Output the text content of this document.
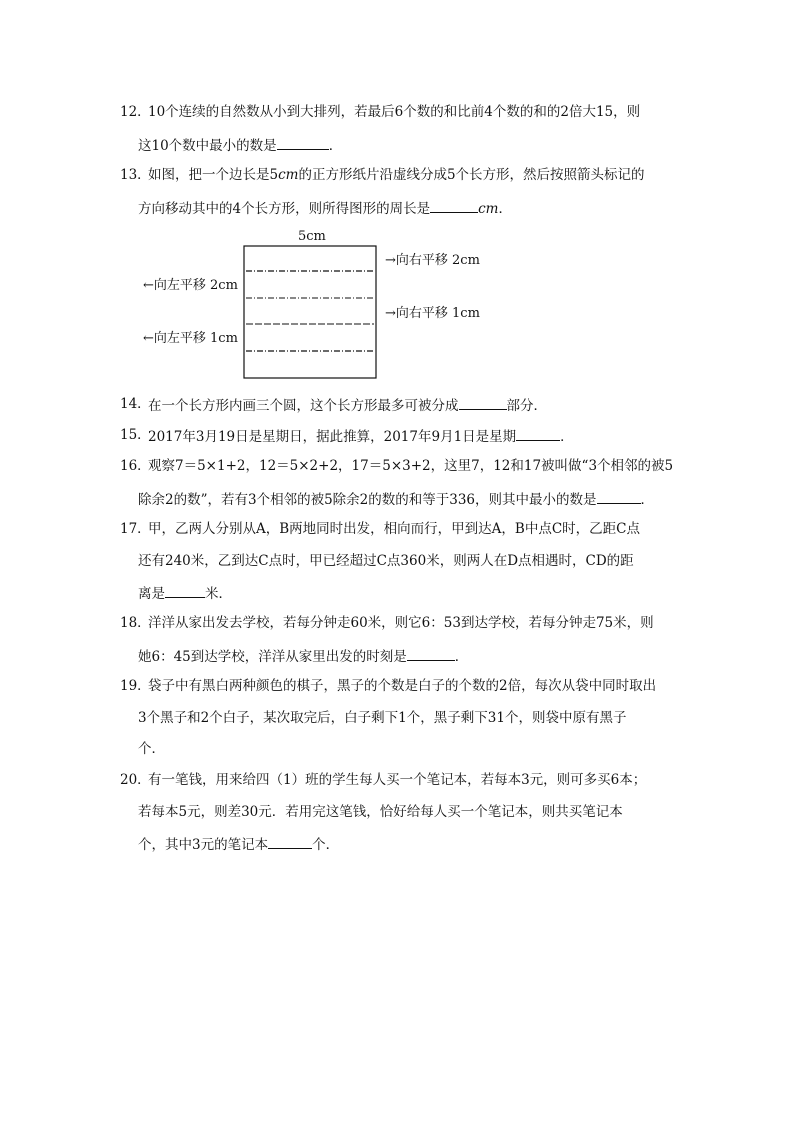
12．
10个连续的自然数从小到大排列，若最后6个数的和比前4个数的和的2倍大15，则
这10个数中最小的数是	．
13．
如图，把一个边长是5cm的正方形纸片沿虚线分成5个长方形，然后按照箭头标记的
方向移动其中的4个长方形，则所得图形的周长是	cm．
5cm
→向右平移 2cm
→向右平移 1cm
←向左平移 2cm
←向左平移 1cm
14．
在一个长方形内画三个圆，这个长方形最多可被分成	部分．
15．
2017年3月19日是星期日，据此推算，2017年9月1日是星期	．
16．
观察7＝5×1+2，12＝5×2+2，17＝5×3+2，这里7，12和17被叫做“3个相邻的被5
除余2的数”，若有3个相邻的被5除余2的数的和等于336，则其中最小的数是	．
17．
甲，乙两人分别从A，B两地同时出发，相向而行，甲到达A，B中点C时，乙距C点
还有240米，乙到达C点时，甲已经超过C点360米，则两人在D点相遇时，CD的距
离是	米．
18．
洋洋从家出发去学校，若每分钟走60米，则它6：53到达学校，若每分钟走75米，则
她6：45到达学校，洋洋从家里出发的时刻是	．
19．
袋子中有黑白两种颜色的棋子，黑子的个数是白子的个数的2倍，每次从袋中同时取出
3个黑子和2个白子，某次取完后，白子剩下1个，黑子剩下31个，则袋中原有黑子
个．
20．
有一笔钱，用来给四（1）班的学生每人买一个笔记本，若每本3元，则可多买6本；
若每本5元，则差30元．若用完这笔钱，恰好给每人买一个笔记本，则共买笔记本
个，其中3元的笔记本	个．
